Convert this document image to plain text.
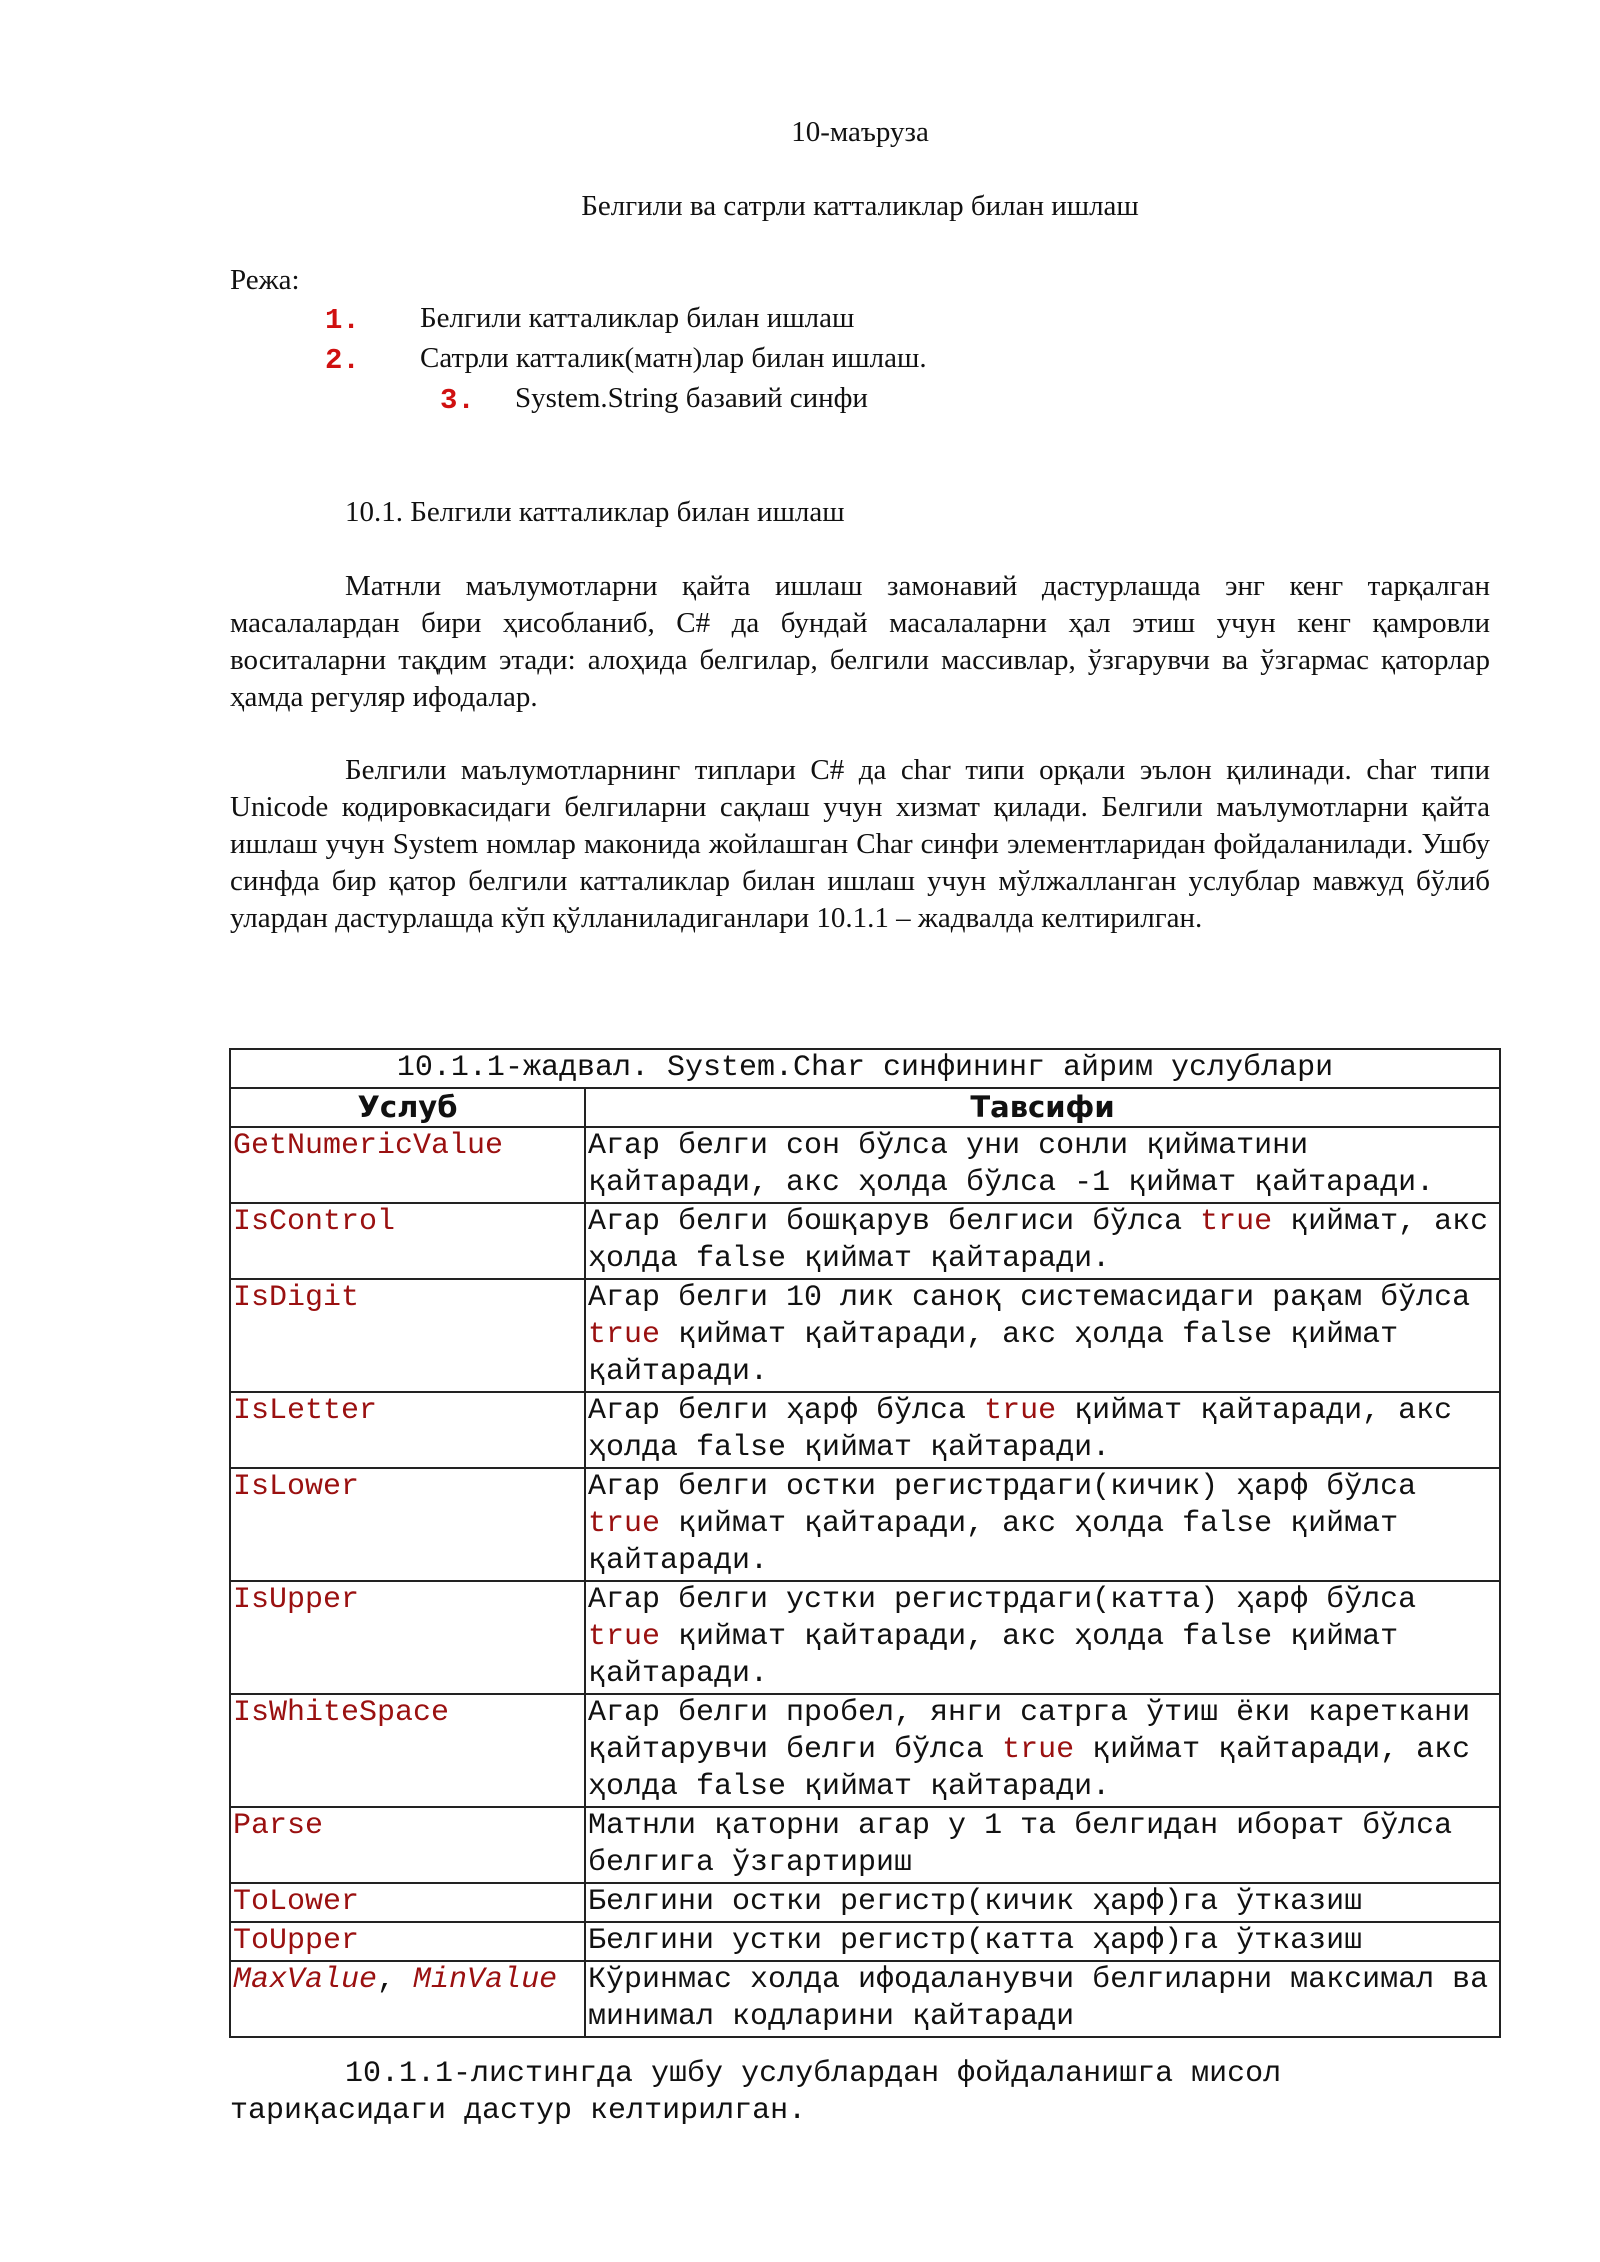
10-маъруза
Белгили ва сатрли катталиклар билан ишлаш
Режа:
1. Белгили катталиклар билан ишлаш
2. Сатрли катталик(матн)лар билан ишлаш.
3. System.String базавий синфи
10.1. Белгили катталиклар билан ишлаш
Матнли маълумотларни қайта ишлаш замонавий дастурлашда энг кенг тарқалган масалалардан бири ҳисобланиб, C# да бундай масалаларни ҳал этиш учун кенг қамровли воситаларни тақдим этади: алоҳида белгилар, белгили массивлар, ўзгарувчи ва ўзгармас қаторлар ҳамда регуляр ифодалар.
Белгили маълумотларнинг типлари C# да char типи орқали эълон қилинади. char типи Unicode кодировкасидаги белгиларни сақлаш учун хизмат қилади. Белгили маълумотларни қайта ишлаш учун System номлар маконида жойлашган Char синфи элементларидан фойдаланилади. Ушбу синфда бир қатор белгили катталиклар билан ишлаш учун мўлжалланган услублар мавжуд бўлиб улардан дастурлашда кўп қўлланиладиганлари 10.1.1 – жадвалда келтирилган.
10.1.1-жадвал. System.Char синфининг айрим услублари	
Услуб	Тавсифи
GetNumericValue	Агар белги сон бўлса уни сонли қийматини қайтаради, акс ҳолда бўлса -1 қиймат қайтаради.
IsControl	Агар белги бошқарув белгиси бўлса true қиймат, акс ҳолда false қиймат қайтаради.
IsDigit	Агар белги 10 лик саноқ системасидаги рақам бўлса true қиймат қайтаради, акс ҳолда false қиймат қайтаради.
IsLetter	Агар белги ҳарф бўлса true қиймат қайтаради, акс ҳолда false қиймат қайтаради.
IsLower	Агар белги остки регистрдаги(кичик) ҳарф бўлса true қиймат қайтаради, акс ҳолда false қиймат қайтаради.
IsUpper	Агар белги устки регистрдаги(катта) ҳарф бўлса true қиймат қайтаради, акс ҳолда false қиймат қайтаради.
IsWhiteSpace	Агар белги пробел, янги сатрга ўтиш ёки кареткани қайтарувчи белги бўлса true қиймат қайтаради, акс ҳолда false қиймат қайтаради.
Parse	Матнли қаторни агар у 1 та белгидан иборат бўлса белгига ўзгартириш
ToLower	Белгини остки регистр(кичик ҳарф)га ўтказиш
ToUpper	Белгини устки регистр(катта ҳарф)га ўтказиш
MaxValue, MinValue	Кўринмас холда ифодаланувчи белгиларни максимал ва минимал кодларини қайтаради
10.1.1-листингда ушбу услублардан фойдаланишга мисол тариқасидаги дастур келтирилган.
